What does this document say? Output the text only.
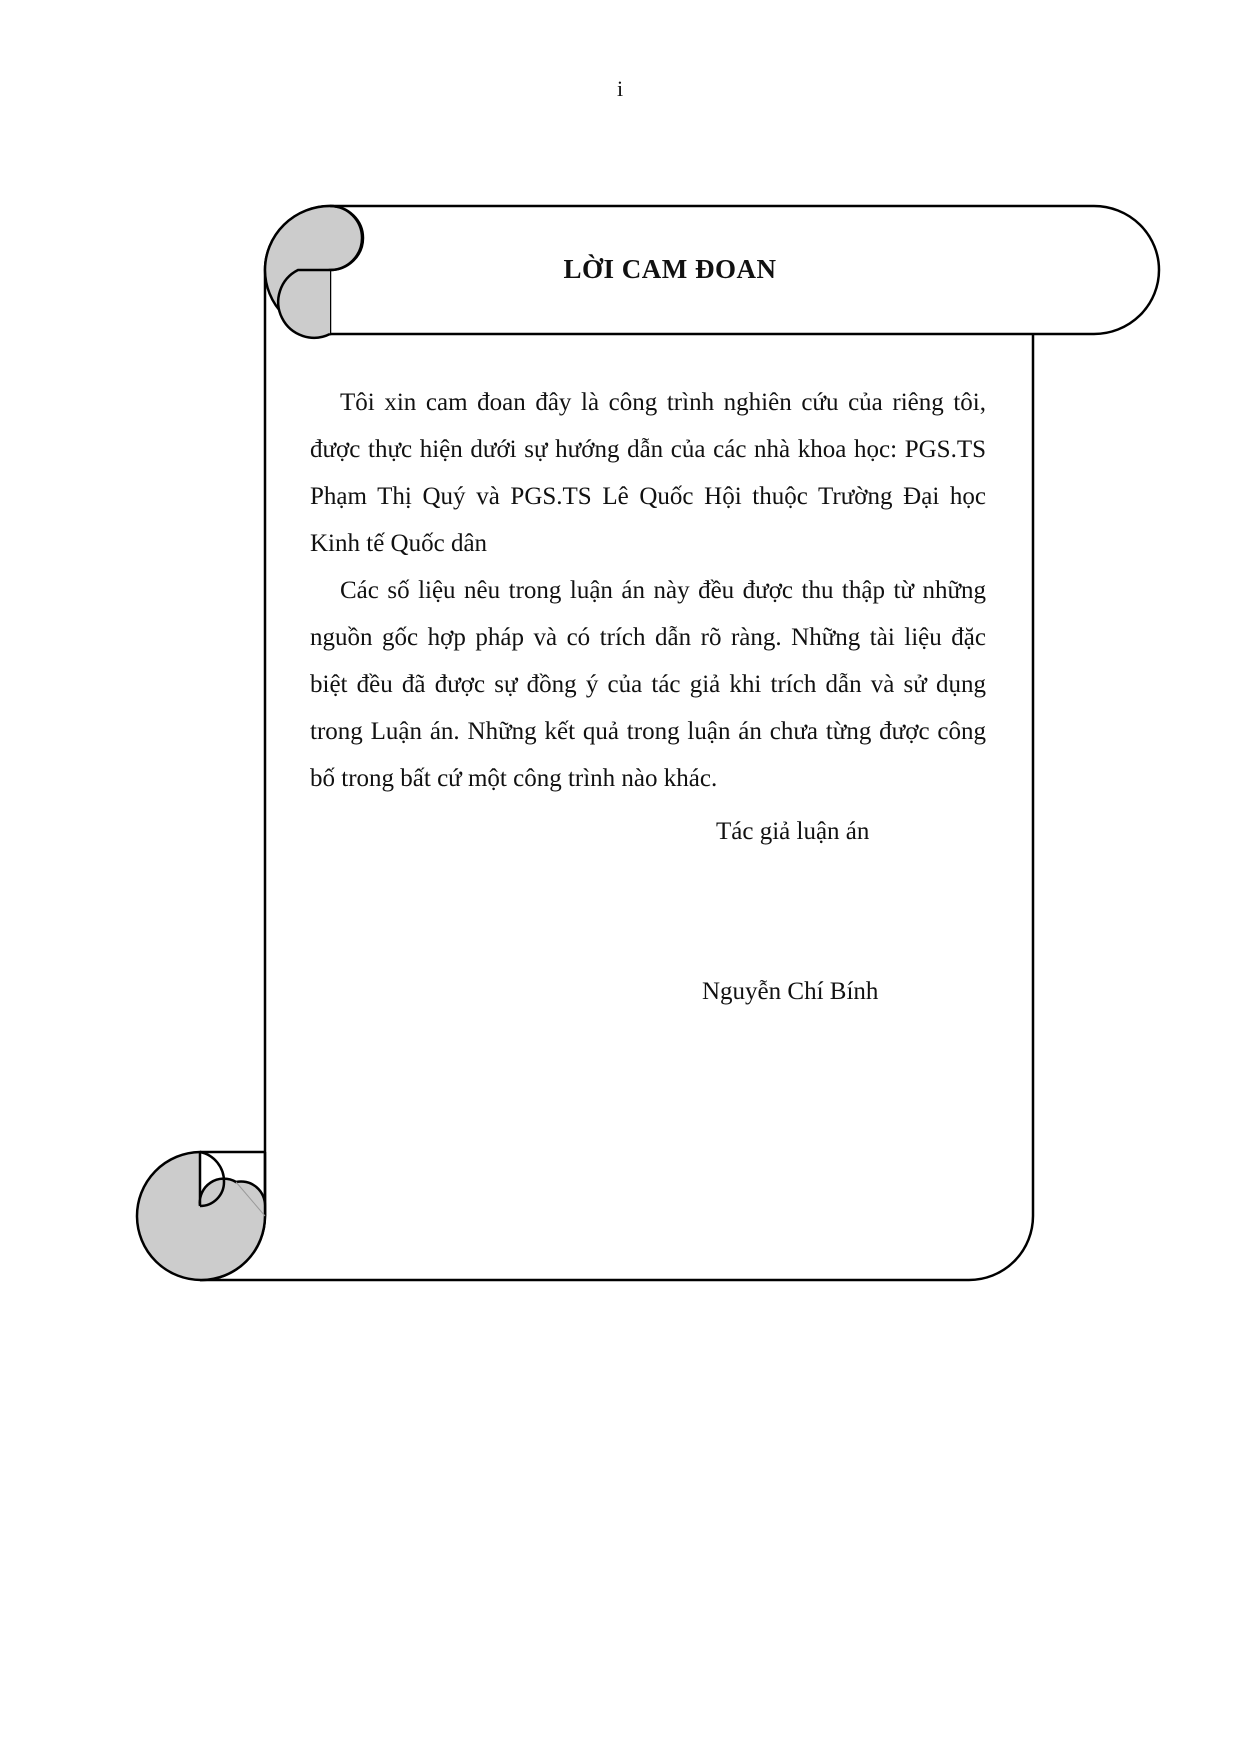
i
LỜI CAM ĐOAN

Tôi xin cam đoan đây là công trình nghiên cứu của riêng tôi, được thực hiện dưới sự hướng dẫn của các nhà khoa học: PGS.TS Phạm Thị Quý và PGS.TS Lê Quốc Hội thuộc Trường Đại học Kinh tế Quốc dân

Các số liệu nêu trong luận án này đều được thu thập từ những nguồn gốc hợp pháp và có trích dẫn rõ ràng. Những tài liệu đặc biệt đều đã được sự đồng ý của tác giả khi trích dẫn và sử dụng trong Luận án. Những kết quả trong luận án chưa từng được công bố trong bất cứ một công trình nào khác.

Tác giả luận án
Nguyễn Chí Bính
